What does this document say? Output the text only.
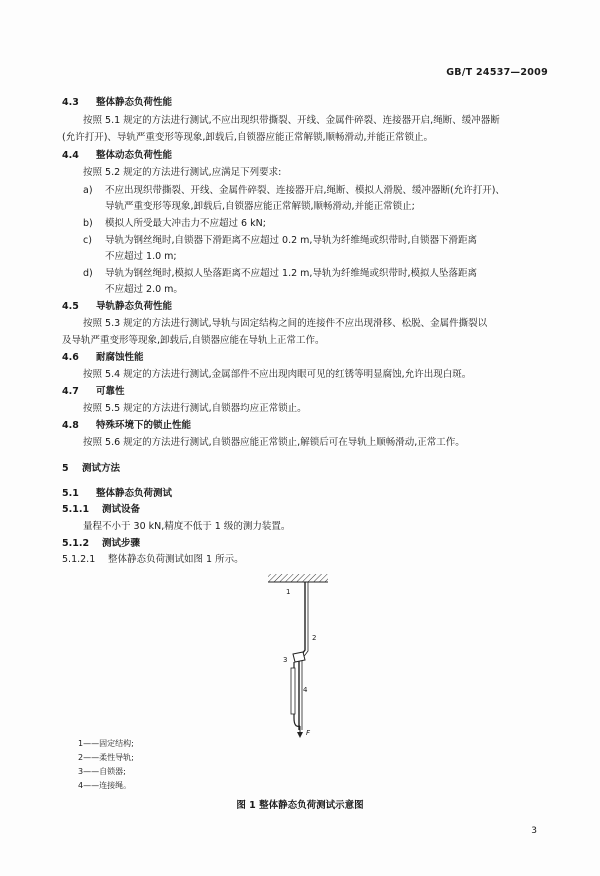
GB/T 24537—2009
4.3 整体静态负荷性能
按照 5.1 规定的方法进行测试,不应出现织带撕裂、开线、金属件碎裂、连接器开启,绳断、缓冲器断
(允许打开)、导轨严重变形等现象,卸载后,自锁器应能正常解锁,顺畅滑动,并能正常锁止。
4.4 整体动态负荷性能
按照 5.2 规定的方法进行测试,应满足下列要求:
a) 不应出现织带撕裂、开线、金属件碎裂、连接器开启,绳断、模拟人滑脱、缓冲器断(允许打开)、
导轨严重变形等现象,卸载后,自锁器应能正常解锁,顺畅滑动,并能正常锁止;
b) 模拟人所受最大冲击力不应超过 6 kN;
c) 导轨为钢丝绳时,自锁器下滑距离不应超过 0.2 m,导轨为纤维绳或织带时,自锁器下滑距离
不应超过 1.0 m;
d) 导轨为钢丝绳时,模拟人坠落距离不应超过 1.2 m,导轨为纤维绳或织带时,模拟人坠落距离
不应超过 2.0 m。
4.5 导轨静态负荷性能
按照 5.3 规定的方法进行测试,导轨与固定结构之间的连接件不应出现滑移、松脱、金属件撕裂以
及导轨严重变形等现象,卸载后,自锁器应能在导轨上正常工作。
4.6 耐腐蚀性能
按照 5.4 规定的方法进行测试,金属部件不应出现肉眼可见的红锈等明显腐蚀,允许出现白斑。
4.7 可靠性
按照 5.5 规定的方法进行测试,自锁器均应正常锁止。
4.8 特殊环境下的锁止性能
按照 5.6 规定的方法进行测试,自锁器应能正常锁止,解锁后可在导轨上顺畅滑动,正常工作。
5 测试方法
5.1 整体静态负荷测试
5.1.1 测试设备
量程不小于 30 kN,精度不低于 1 级的测力装置。
5.1.2 测试步骤
5.1.2.1 整体静态负荷测试如图 1 所示。
1
2
3
4
F
1——固定结构;
2——柔性导轨;
3——自锁器;
4——连接绳。
图 1 整体静态负荷测试示意图
3
